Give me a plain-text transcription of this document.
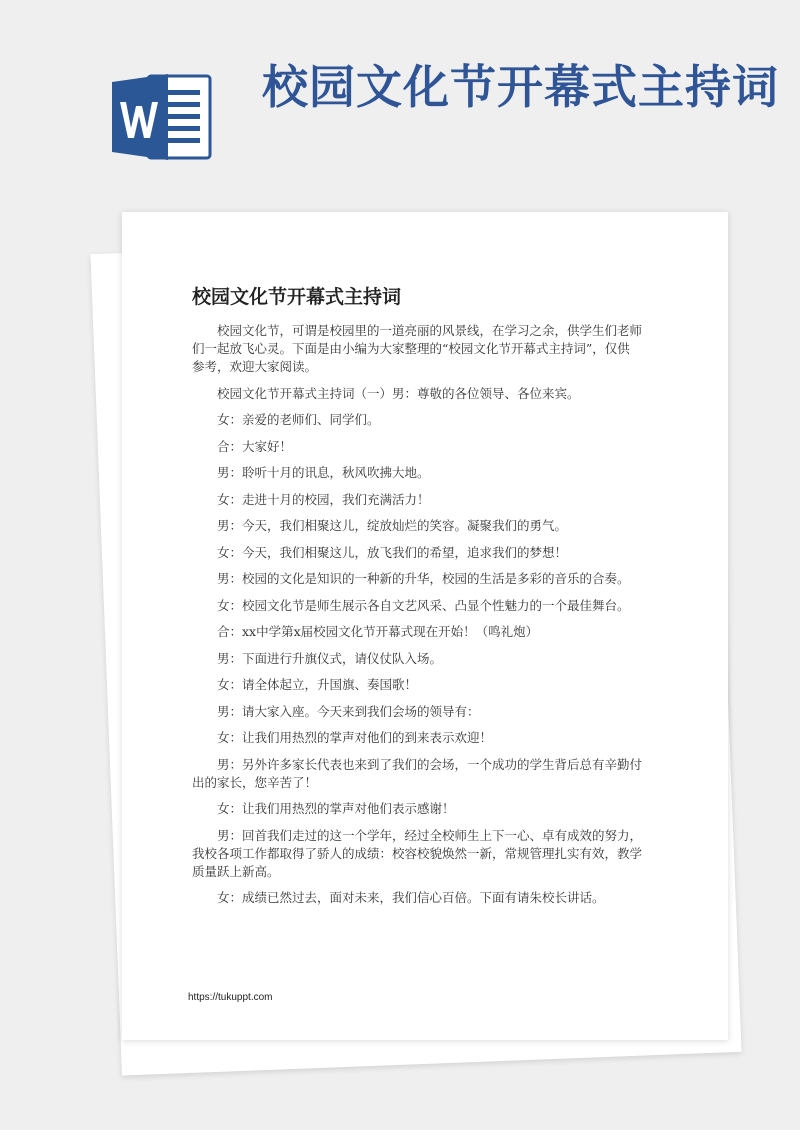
校园文化节开幕式主持词
校园文化节开幕式主持词

校园文化节，可谓是校园里的一道亮丽的风景线，在学习之余，供学生们老师们一起放飞心灵。下面是由小编为大家整理的“校园文化节开幕式主持词”，仅供参考，欢迎大家阅读。

校园文化节开幕式主持词（一）男：尊敬的各位领导、各位来宾。

女：亲爱的老师们、同学们。

合：大家好！

男：聆听十月的讯息，秋风吹拂大地。

女：走进十月的校园，我们充满活力！

男：今天，我们相聚这儿，绽放灿烂的笑容。凝聚我们的勇气。

女：今天，我们相聚这儿，放飞我们的希望，追求我们的梦想！

男：校园的文化是知识的一种新的升华，校园的生活是多彩的音乐的合奏。

女：校园文化节是师生展示各自文艺风采、凸显个性魅力的一个最佳舞台。

合：xx中学第x届校园文化节开幕式现在开始！（鸣礼炮）

男：下面进行升旗仪式，请仪仗队入场。

女：请全体起立，升国旗、奏国歌！

男：请大家入座。今天来到我们会场的领导有：

女：让我们用热烈的掌声对他们的到来表示欢迎！

男：另外许多家长代表也来到了我们的会场，一个成功的学生背后总有辛勤付出的家长，您辛苦了！

女：让我们用热烈的掌声对他们表示感谢！

男：回首我们走过的这一个学年，经过全校师生上下一心、卓有成效的努力，我校各项工作都取得了骄人的成绩：校容校貌焕然一新，常规管理扎实有效，教学质量跃上新高。

女：成绩已然过去，面对未来，我们信心百倍。下面有请朱校长讲话。

https://tukuppt.com
